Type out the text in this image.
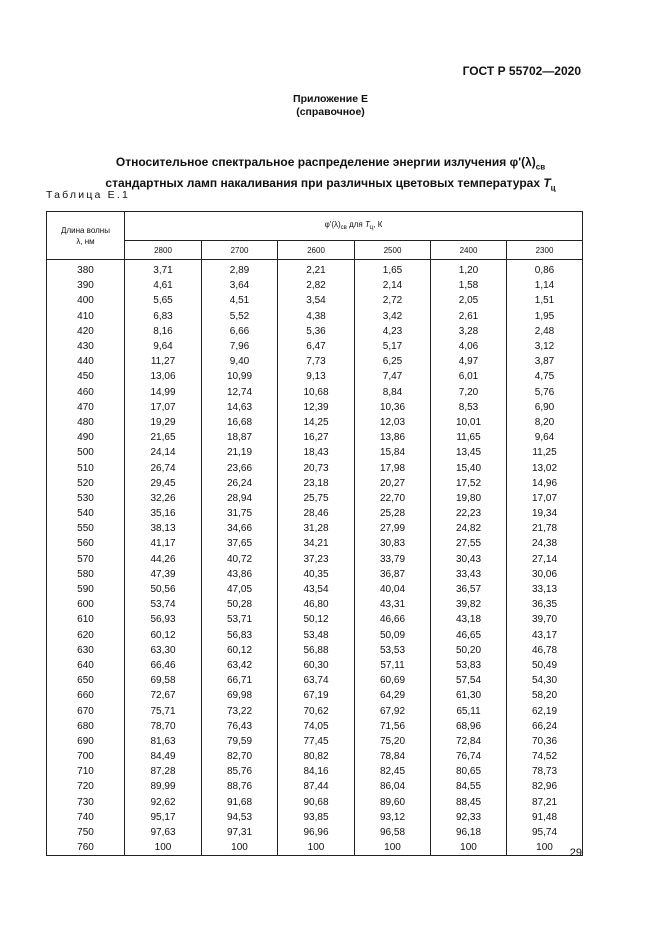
ГОСТ Р 55702—2020
Приложение Е
(справочное)
Относительное спектральное распределение энергии излучения $\varphi'(\lambda)_{св}$
стандартных ламп накаливания при различных цветовых температурах $T_ц$
Таблица Е.1
Длина волны
λ, нм	$\varphi'(\lambda)_{св}$ для $T_ц$, К					
	2800	2700	2600	2500	2400	2300
380	3,71	2,89	2,21	1,65	1,20	0,86
390	4,61	3,64	2,82	2,14	1,58	1,14
400	5,65	4,51	3,54	2,72	2,05	1,51
410	6,83	5,52	4,38	3,42	2,61	1,95
420	8,16	6,66	5,36	4,23	3,28	2,48
430	9,64	7,96	6,47	5,17	4,06	3,12
440	11,27	9,40	7,73	6,25	4,97	3,87
450	13,06	10,99	9,13	7,47	6,01	4,75
460	14,99	12,74	10,68	8,84	7,20	5,76
470	17,07	14,63	12,39	10,36	8,53	6,90
480	19,29	16,68	14,25	12,03	10,01	8,20
490	21,65	18,87	16,27	13,86	11,65	9,64
500	24,14	21,19	18,43	15,84	13,45	11,25
510	26,74	23,66	20,73	17,98	15,40	13,02
520	29,45	26,24	23,18	20,27	17,52	14,96
530	32,26	28,94	25,75	22,70	19,80	17,07
540	35,16	31,75	28,46	25,28	22,23	19,34
550	38,13	34,66	31,28	27,99	24,82	21,78
560	41,17	37,65	34,21	30,83	27,55	24,38
570	44,26	40,72	37,23	33,79	30,43	27,14
580	47,39	43,86	40,35	36,87	33,43	30,06
590	50,56	47,05	43,54	40,04	36,57	33,13
600	53,74	50,28	46,80	43,31	39,82	36,35
610	56,93	53,71	50,12	46,66	43,18	39,70
620	60,12	56,83	53,48	50,09	46,65	43,17
630	63,30	60,12	56,88	53,53	50,20	46,78
640	66,46	63,42	60,30	57,11	53,83	50,49
650	69,58	66,71	63,74	60,69	57,54	54,30
660	72,67	69,98	67,19	64,29	61,30	58,20
670	75,71	73,22	70,62	67,92	65,11	62,19
680	78,70	76,43	74,05	71,56	68,96	66,24
690	81,63	79,59	77,45	75,20	72,84	70,36
700	84,49	82,70	80,82	78,84	76,74	74,52
710	87,28	85,76	84,16	82,45	80,65	78,73
720	89,99	88,76	87,44	86,04	84,55	82,96
730	92,62	91,68	90,68	89,60	88,45	87,21
740	95,17	94,53	93,85	93,12	92,33	91,48
750	97,63	97,31	96,96	96,58	96,18	95,74
760	100	100	100	100	100	100 29
